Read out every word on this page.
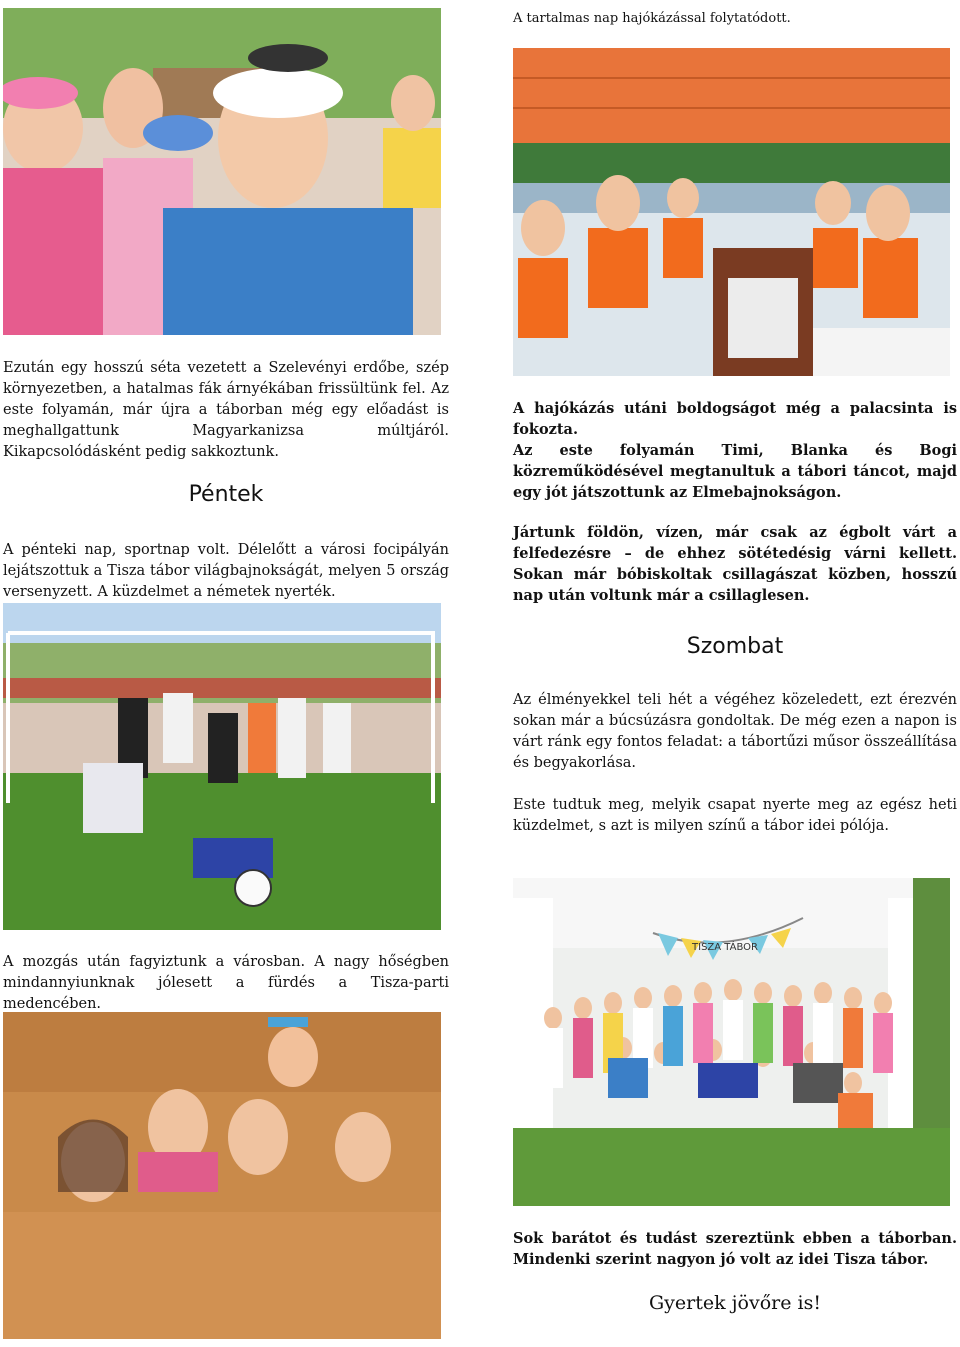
Ezután egy hosszú séta vezetett a Szelevényi erdőbe, szép környezetben, a hatalmas fák árnyékában frissültünk fel. Az este folyamán, már újra a táborban még egy előadást is meghallgattunk Magyarkanizsa múltjáról. Kikapcsolódásként pedig sakkoztunk.
Péntek
A pénteki nap, sportnap volt. Délelőtt a városi focipályán lejátszottuk a Tisza tábor világbajnokságát, melyen 5 ország versenyzett. A küzdelmet a németek nyerték.
A mozgás után fagyiztunk a városban. A nagy hőségben mindannyiunknak jólesett a fürdés a Tisza-parti medencében.
A tartalmas nap hajókázással folytatódott.
A hajókázás utáni boldogságot még a palacsinta is fokozta.
Az este folyamán Timi, Blanka és Bogi közreműködésével megtanultuk a tábori táncot, majd egy jót játszottunk az Elmebajnokságon.
Jártunk földön, vízen, már csak az égbolt várt a felfedezésre – de ehhez sötétedésig várni kellett. Sokan már bóbiskoltak csillagászat közben, hosszú nap után voltunk már a csillaglesen.
Szombat
Az élményekkel teli hét a végéhez közeledett, ezt érezvén sokan már a búcsúzásra gondoltak. De még ezen a napon is várt ránk egy fontos feladat: a tábortűzi műsor összeállítása és begyakorlása.
Este tudtuk meg, melyik csapat nyerte meg az egész heti küzdelmet, s azt is milyen színű a tábor idei pólója.
TISZA TÁBOR
Sok barátot és tudást szereztünk ebben a táborban. Mindenki szerint nagyon jó volt az idei Tisza tábor.
Gyertek jövőre is!
